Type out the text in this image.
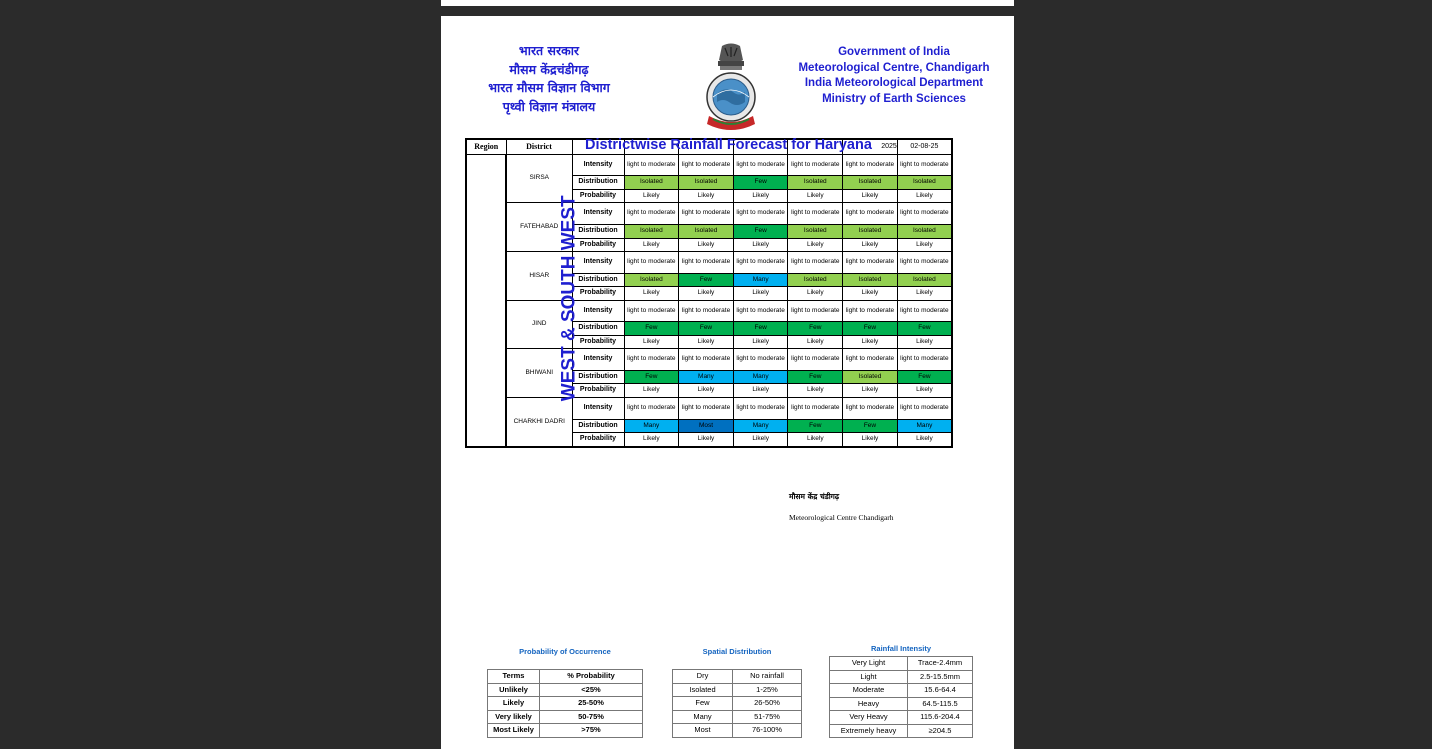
भारत सरकार
मौसम केंद्रचंडीगढ़
भारत मौसम विज्ञान विभाग
पृथ्वी विज्ञान मंत्रालय
Government of India
Meteorological Centre, Chandigarh
India Meteorological Department
Ministry of Earth Sciences
Region	District						2025	02-08-25
WEST & SOUTH WEST	SIRSA	Intensity	light to moderate	light to moderate	light to moderate	light to moderate	light to moderate	light to moderate
		Distribution	Isolated	Isolated	Few	Isolated	Isolated	Isolated
		Probability	Likely	Likely	Likely	Likely	Likely	Likely
	FATEHABAD	Intensity	light to moderate	light to moderate	light to moderate	light to moderate	light to moderate	light to moderate
		Distribution	Isolated	Isolated	Few	Isolated	Isolated	Isolated
		Probability	Likely	Likely	Likely	Likely	Likely	Likely
	HISAR	Intensity	light to moderate	light to moderate	light to moderate	light to moderate	light to moderate	light to moderate
		Distribution	Isolated	Few	Many	Isolated	Isolated	Isolated
		Probability	Likely	Likely	Likely	Likely	Likely	Likely
	JIND	Intensity	light to moderate	light to moderate	light to moderate	light to moderate	light to moderate	light to moderate
		Distribution	Few	Few	Few	Few	Few	Few
		Probability	Likely	Likely	Likely	Likely	Likely	Likely
	BHIWANI	Intensity	light to moderate	light to moderate	light to moderate	light to moderate	light to moderate	light to moderate
		Distribution	Few	Many	Many	Few	Isolated	Few
		Probability	Likely	Likely	Likely	Likely	Likely	Likely
	CHARKHI DADRI	Intensity	light to moderate	light to moderate	light to moderate	light to moderate	light to moderate	light to moderate
		Distribution	Many	Most	Many	Few	Few	Many
		Probability	Likely	Likely	Likely	Likely	Likely	Likely
Districtwise Rainfall Forecast for Haryana
मौसम केंद्र चंडीगढ़
Meteorological Centre Chandigarh
Probability of Occurrence
Terms	% Probability
Unlikely	<25%
Likely	25-50%
Very likely	50-75%
Most Likely	>75%
Spatial Distribution
Dry	No rainfall
Isolated	1-25%
Few	26-50%
Many	51-75%
Most	76-100%
Rainfall Intensity
Very Light	Trace-2.4mm
Light	2.5-15.5mm
Moderate	15.6-64.4
Heavy	64.5-115.5
Very Heavy	115.6-204.4
Extremely heavy	≥204.5
